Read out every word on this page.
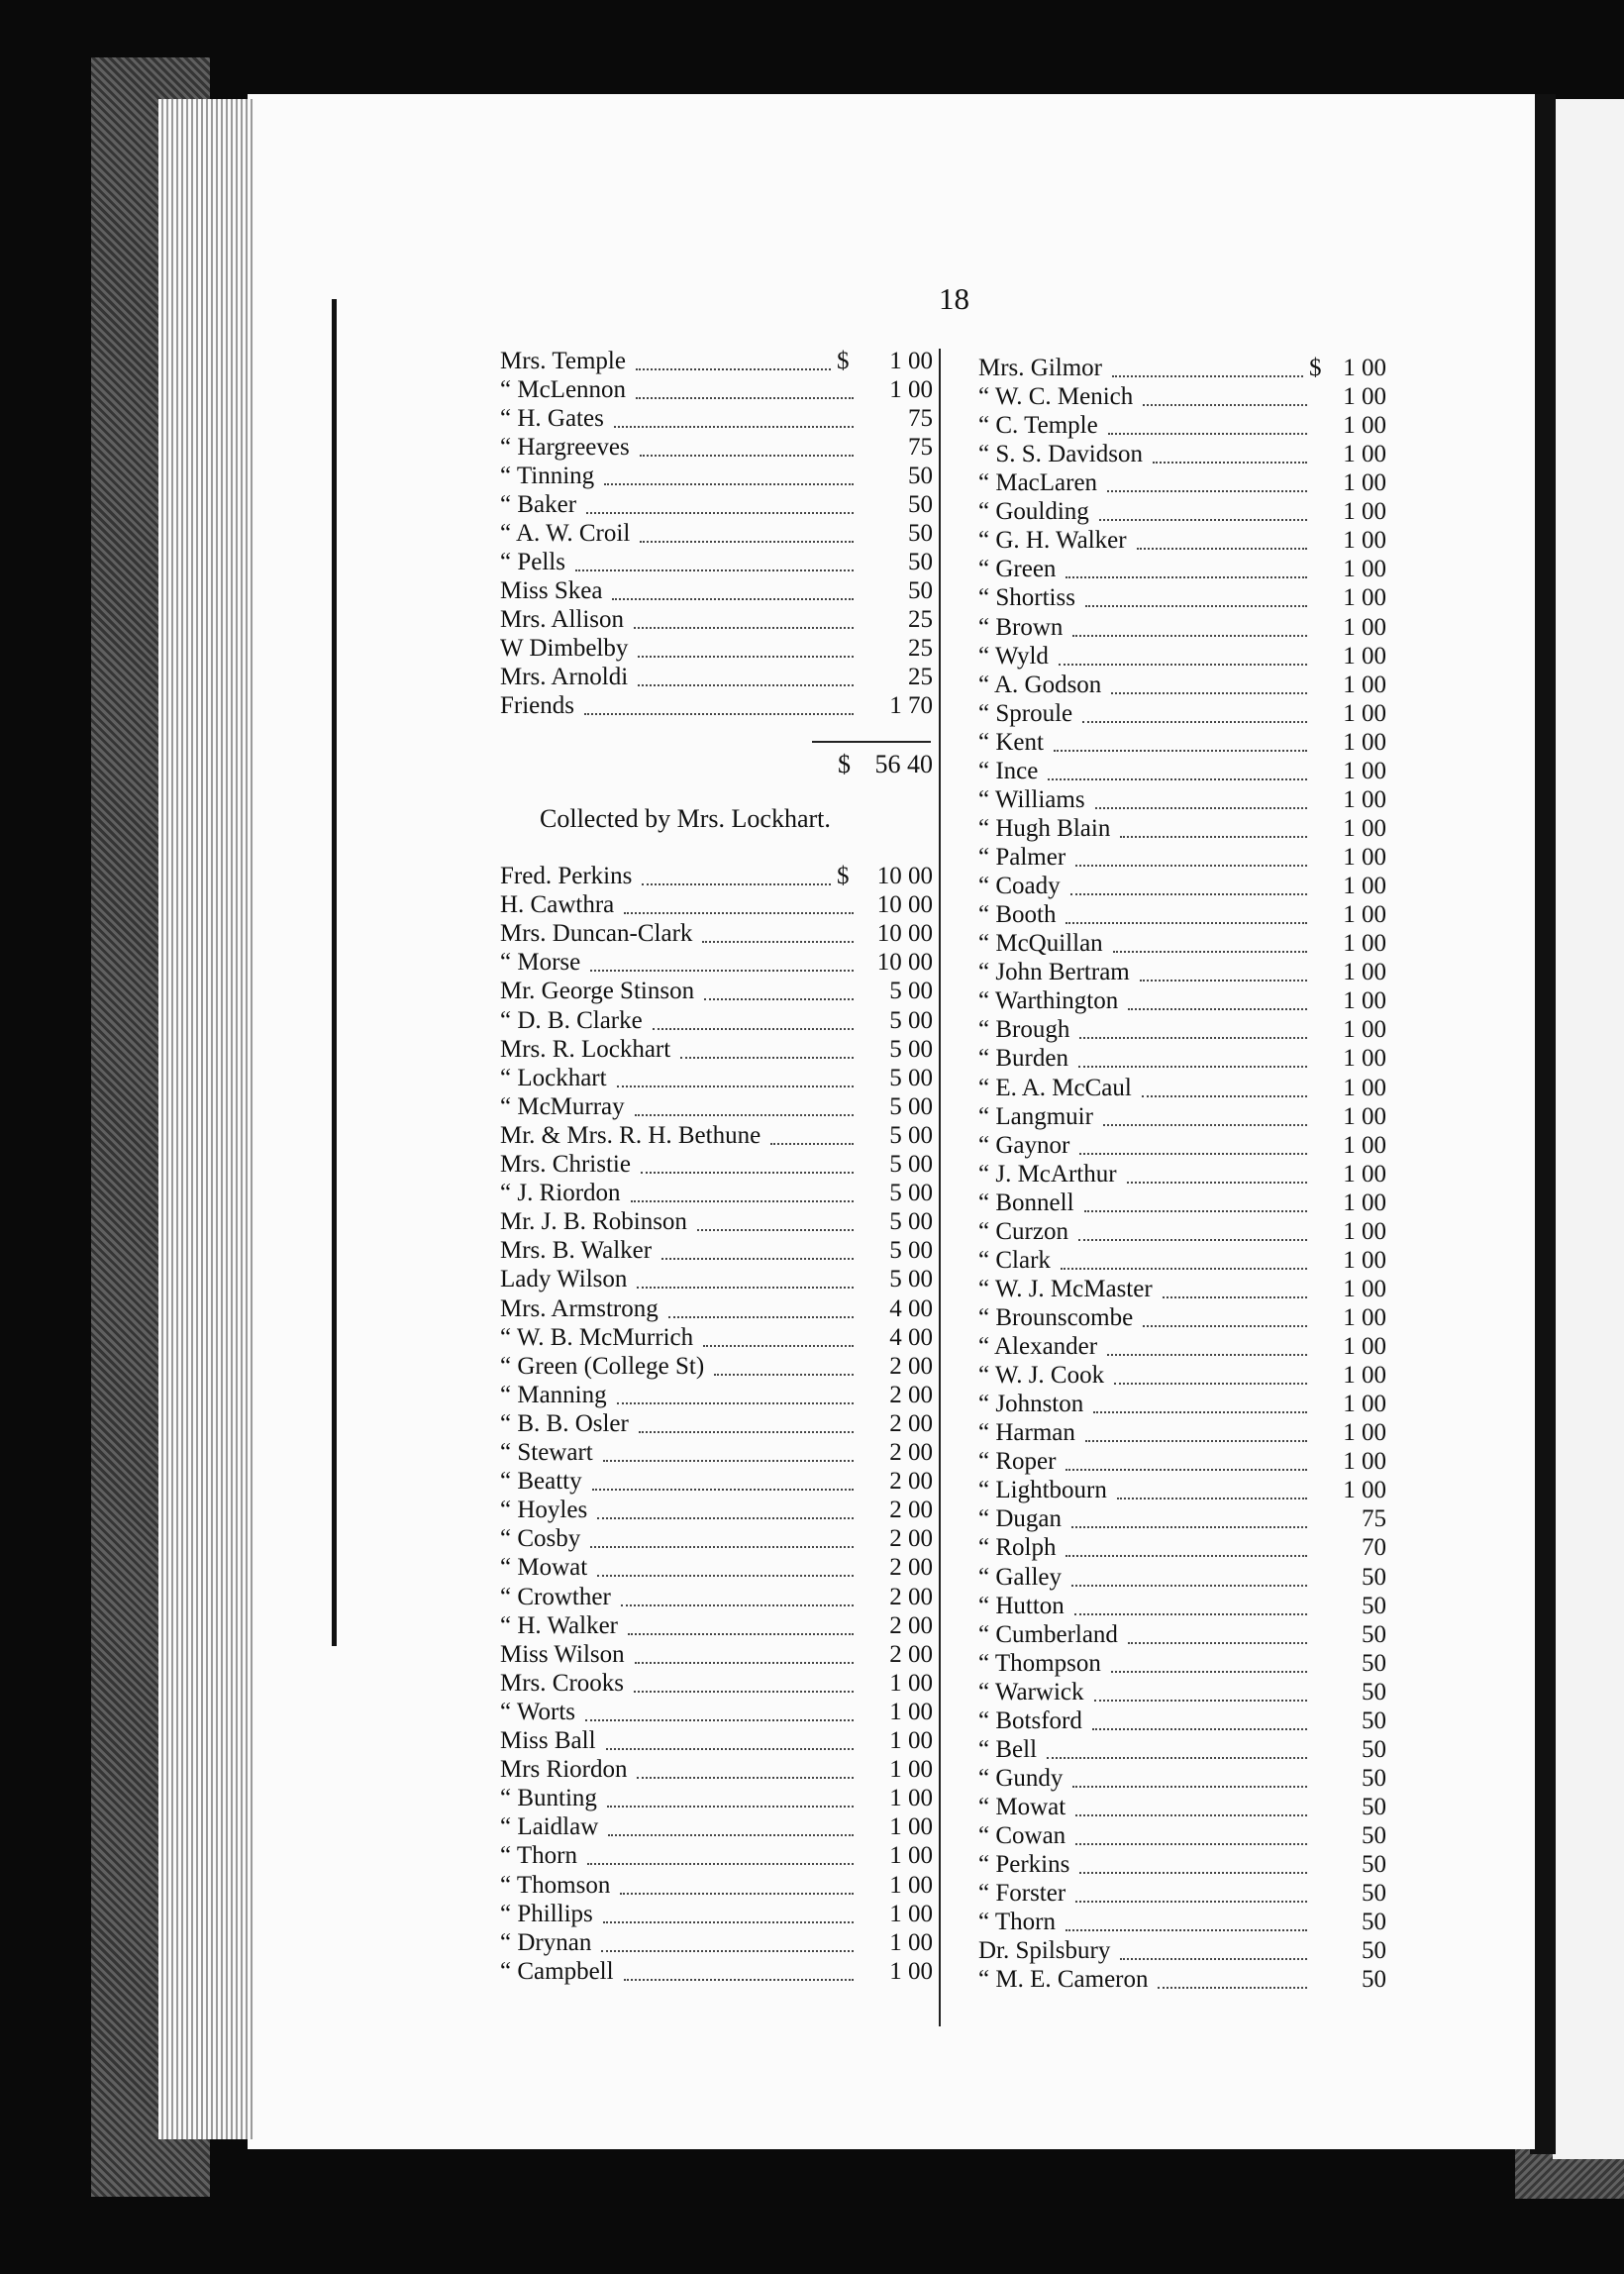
18
Mrs. Temple	$ 1 00
“ McLennon	1 00
“ H. Gates	75
“ Hargreeves	75
“ Tinning	50
“ Baker	50
“ A. W. Croil	50
“ Pells	50
Miss Skea	50
Mrs. Allison	25
W Dimbelby	25
Mrs. Arnoldi	25
Friends	1 70
Fred. Perkins	$ 10 00
H. Cawthra	10 00
Mrs. Duncan-Clark	10 00
“ Morse	10 00
Mr. George Stinson	5 00
“ D. B. Clarke	5 00
Mrs. R. Lockhart	5 00
“ Lockhart	5 00
“ McMurray	5 00
Mr. & Mrs. R. H. Bethune	5 00
Mrs. Christie	5 00
“ J. Riordon	5 00
Mr. J. B. Robinson	5 00
Mrs. B. Walker	5 00
Lady Wilson	5 00
Mrs. Armstrong	4 00
“ W. B. McMurrich	4 00
“ Green (College St)	2 00
“ Manning	2 00
“ B. B. Osler	2 00
“ Stewart	2 00
“ Beatty	2 00
“ Hoyles	2 00
“ Cosby	2 00
“ Mowat	2 00
“ Crowther	2 00
“ H. Walker	2 00
Miss Wilson	2 00
Mrs. Crooks	1 00
“ Worts	1 00
Miss Ball	1 00
Mrs Riordon	1 00
“ Bunting	1 00
“ Laidlaw	1 00
“ Thorn	1 00
“ Thomson	1 00
“ Phillips	1 00
“ Drynan	1 00
“ Campbell	1 00
$ 56 40
Collected by Mrs. Lockhart.
Mrs. Gilmor	$ 1 00
“ W. C. Menich	1 00
“ C. Temple	1 00
“ S. S. Davidson	1 00
“ MacLaren	1 00
“ Goulding	1 00
“ G. H. Walker	1 00
“ Green	1 00
“ Shortiss	1 00
“ Brown	1 00
“ Wyld	1 00
“ A. Godson	1 00
“ Sproule	1 00
“ Kent	1 00
“ Ince	1 00
“ Williams	1 00
“ Hugh Blain	1 00
“ Palmer	1 00
“ Coady	1 00
“ Booth	1 00
“ McQuillan	1 00
“ John Bertram	1 00
“ Warthington	1 00
“ Brough	1 00
“ Burden	1 00
“ E. A. McCaul	1 00
“ Langmuir	1 00
“ Gaynor	1 00
“ J. McArthur	1 00
“ Bonnell	1 00
“ Curzon	1 00
“ Clark	1 00
“ W. J. McMaster	1 00
“ Brounscombe	1 00
“ Alexander	1 00
“ W. J. Cook	1 00
“ Johnston	1 00
“ Harman	1 00
“ Roper	1 00
“ Lightbourn	1 00
“ Dugan	75
“ Rolph	70
“ Galley	50
“ Hutton	50
“ Cumberland	50
“ Thompson	50
“ Warwick	50
“ Botsford	50
“ Bell	50
“ Gundy	50
“ Mowat	50
“ Cowan	50
“ Perkins	50
“ Forster	50
“ Thorn	50
Dr. Spilsbury	50
“ M. E. Cameron	50
